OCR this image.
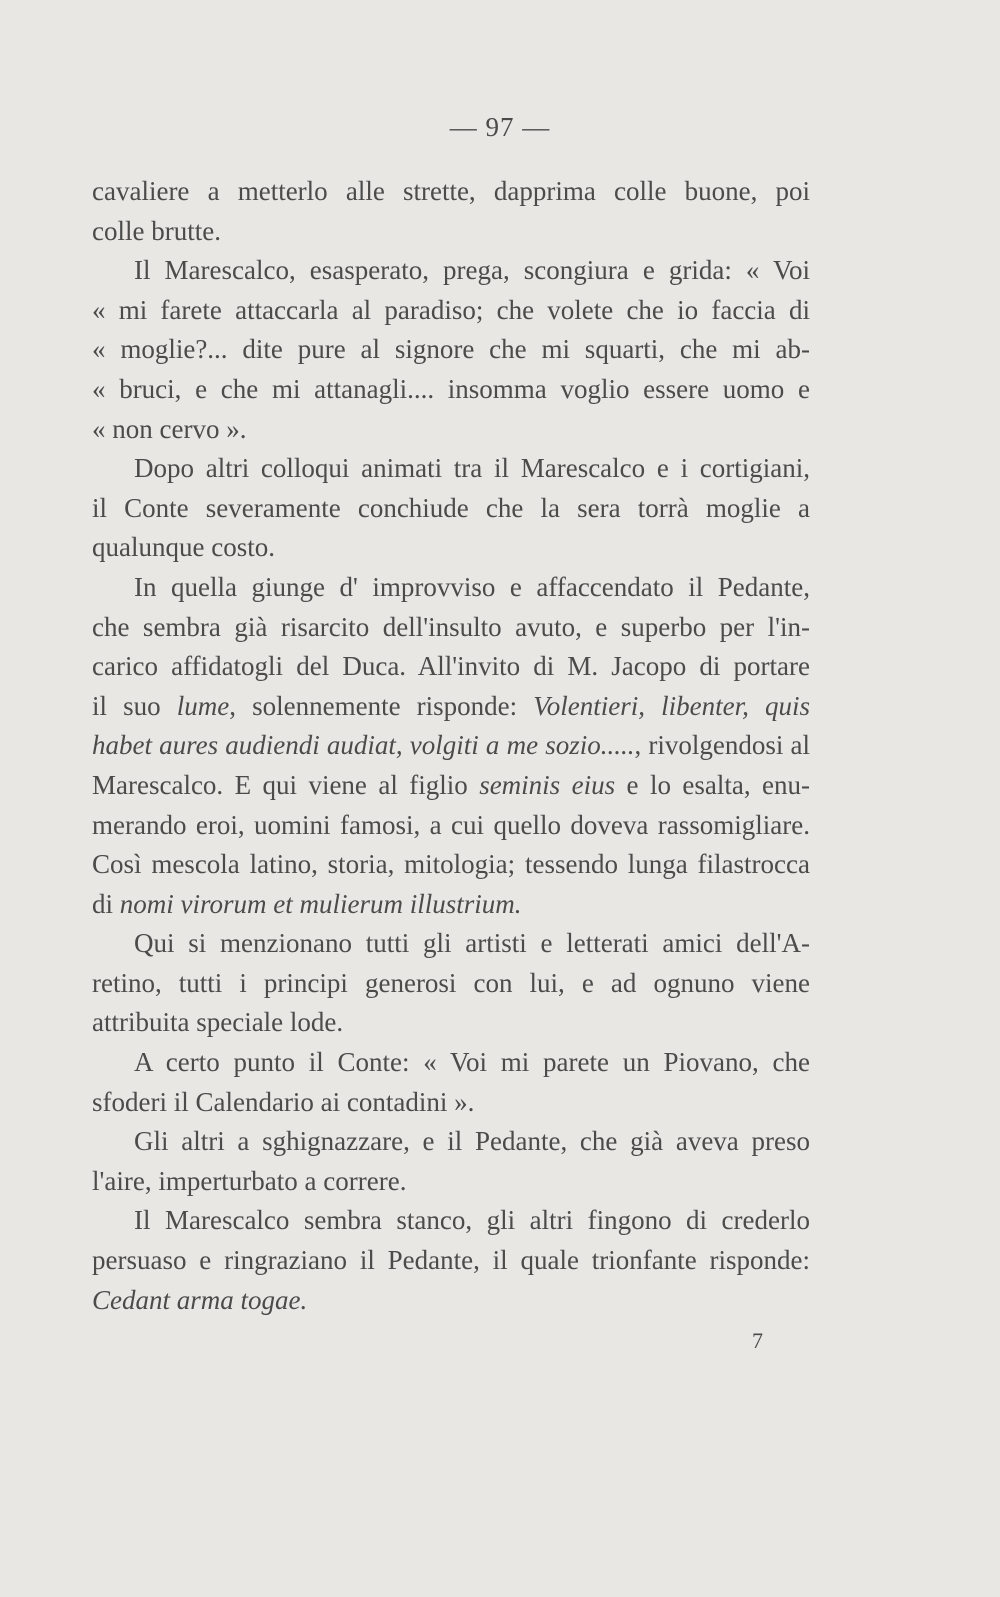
— 97 —
cavaliere a metterlo alle strette, dapprima colle buone, poi
colle brutte.
Il Marescalco, esasperato, prega, scongiura e grida: « Voi
« mi farete attaccarla al paradiso; che volete che io faccia di
« moglie?... dite pure al signore che mi squarti, che mi ab-
« bruci, e che mi attanagli.... insomma voglio essere uomo e
« non cervo ».
Dopo altri colloqui animati tra il Marescalco e i cortigiani,
il Conte severamente conchiude che la sera torrà moglie a
qualunque costo.
In quella giunge d' improvviso e affaccendato il Pedante,
che sembra già risarcito dell'insulto avuto, e superbo per l'in-
carico affidatogli del Duca. All'invito di M. Jacopo di portare
il suo lume, solennemente risponde: Volentieri, libenter, quis
habet aures audiendi audiat, volgiti a me sozio....., rivolgendosi al
Marescalco. E qui viene al figlio seminis eius e lo esalta, enu-
merando eroi, uomini famosi, a cui quello doveva rassomigliare.
Così mescola latino, storia, mitologia; tessendo lunga filastrocca
di nomi virorum et mulierum illustrium.
Qui si menzionano tutti gli artisti e letterati amici dell'A-
retino, tutti i principi generosi con lui, e ad ognuno viene
attribuita speciale lode.
A certo punto il Conte: « Voi mi parete un Piovano, che
sfoderi il Calendario ai contadini ».
Gli altri a sghignazzare, e il Pedante, che già aveva preso
l'aire, imperturbato a correre.
Il Marescalco sembra stanco, gli altri fingono di crederlo
persuaso e ringraziano il Pedante, il quale trionfante risponde:
Cedant arma togae.
7
